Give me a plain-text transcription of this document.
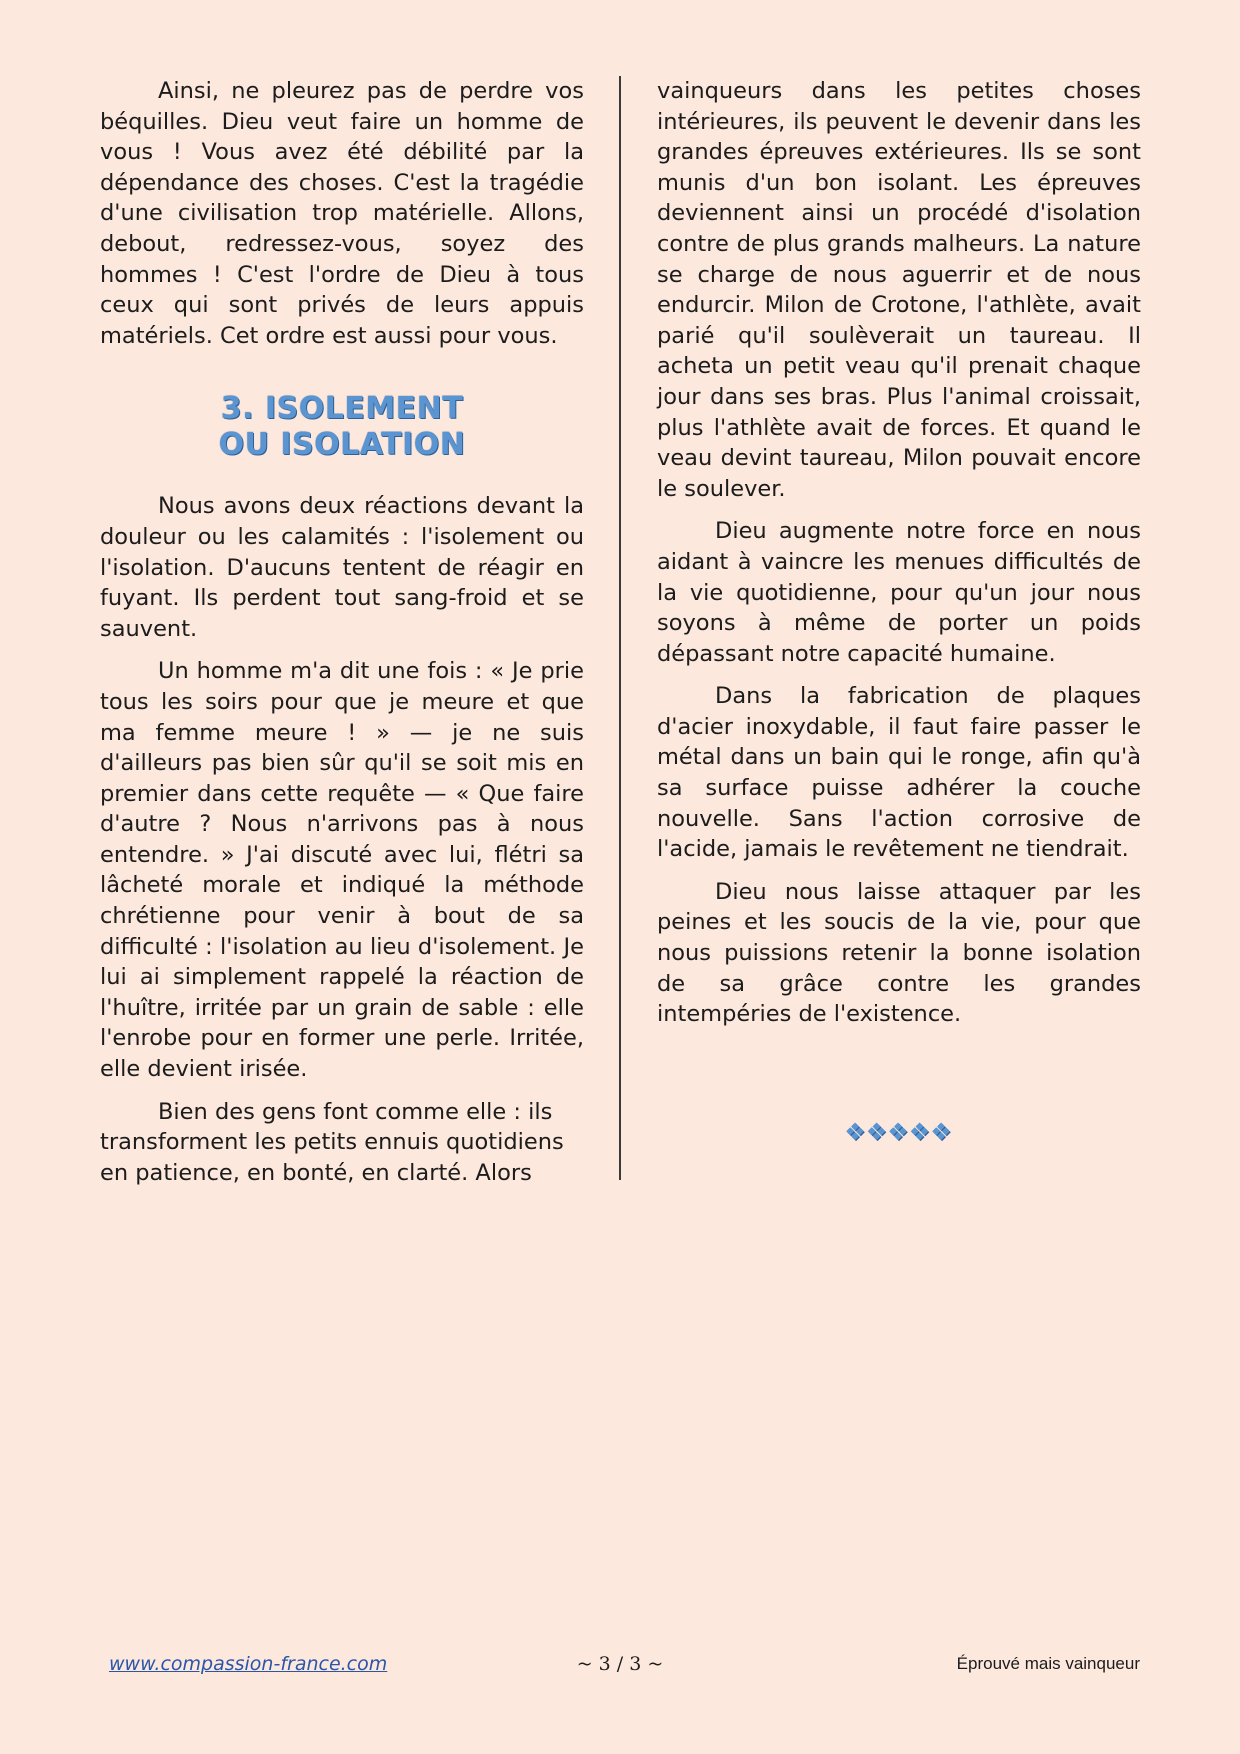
Ainsi, ne pleurez pas de perdre vos béquilles. Dieu veut faire un homme de vous ! Vous avez été débilité par la dépendance des choses. C'est la tragédie d'une civilisation trop matérielle. Allons, debout, redressez-vous, soyez des hommes ! C'est l'ordre de Dieu à tous ceux qui sont privés de leurs appuis matériels. Cet ordre est aussi pour vous.

3. ISOLEMENT
OU ISOLATION

Nous avons deux réactions devant la douleur ou les calamités : l'isolement ou l'isolation. D'aucuns tentent de réagir en fuyant. Ils perdent tout sang-froid et se sauvent.

Un homme m'a dit une fois : « Je prie tous les soirs pour que je meure et que ma femme meure ! » — je ne suis d'ailleurs pas bien sûr qu'il se soit mis en premier dans cette requête — « Que faire d'autre ? Nous n'arrivons pas à nous entendre. » J'ai discuté avec lui, flétri sa lâcheté morale et indiqué la méthode chrétienne pour venir à bout de sa difficulté : l'isolation au lieu d'isolement. Je lui ai simplement rappelé la réaction de l'huître, irritée par un grain de sable : elle l'enrobe pour en former une perle. Irritée, elle devient irisée.

Bien des gens font comme elle : ils transforment les petits ennuis quotidiens en patience, en bonté, en clarté. Alors

vainqueurs dans les petites choses intérieures, ils peuvent le devenir dans les grandes épreuves extérieures. Ils se sont munis d'un bon isolant. Les épreuves deviennent ainsi un procédé d'isolation contre de plus grands malheurs. La nature se charge de nous aguerrir et de nous endurcir. Milon de Crotone, l'athlète, avait parié qu'il soulèverait un taureau. Il acheta un petit veau qu'il prenait chaque jour dans ses bras. Plus l'animal croissait, plus l'athlète avait de forces. Et quand le veau devint taureau, Milon pouvait encore le soulever.

Dieu augmente notre force en nous aidant à vaincre les menues difficultés de la vie quotidienne, pour qu'un jour nous soyons à même de porter un poids dépassant notre capacité humaine.

Dans la fabrication de plaques d'acier inoxydable, il faut faire passer le métal dans un bain qui le ronge, afin qu'à sa surface puisse adhérer la couche nouvelle. Sans l'action corrosive de l'acide, jamais le revêtement ne tiendrait.

Dieu nous laisse attaquer par les peines et les soucis de la vie, pour que nous puissions retenir la bonne isolation de sa grâce contre les grandes intempéries de l'existence.

❖❖❖❖❖
www.compassion-france.com	~ 3 / 3 ~	Éprouvé mais vainqueur
